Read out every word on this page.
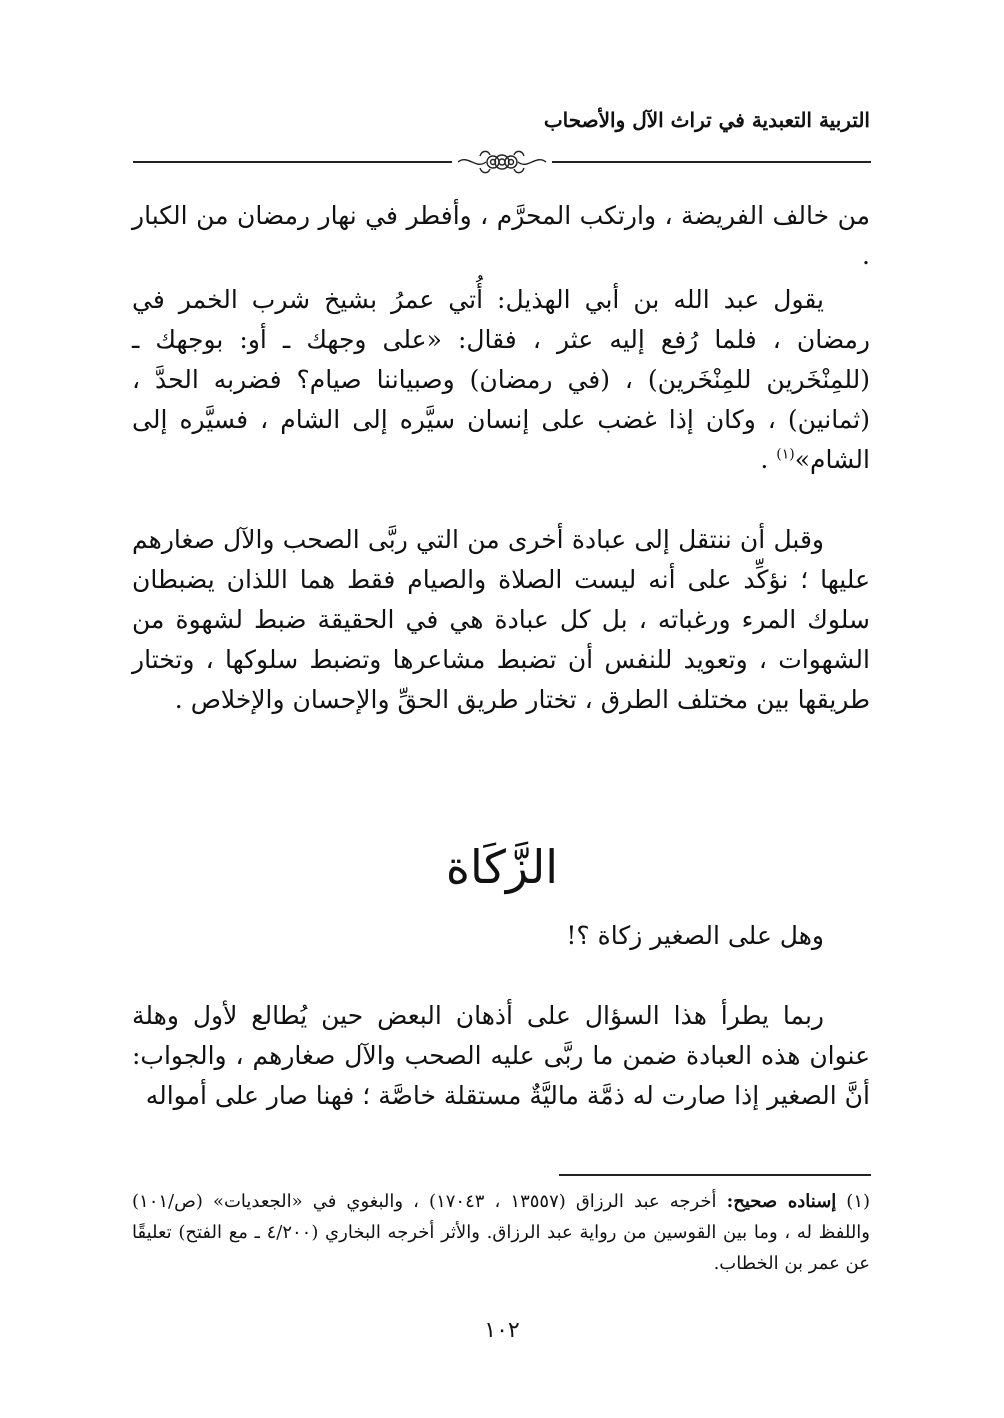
التربية التعبدية في تراث الآل والأصحاب
من خالف الفريضة ، وارتكب المحرَّم ، وأفطر في نهار رمضان من الكبار .
يقول عبد الله بن أبي الهذيل: أُتي عمرُ بشيخ شرب الخمر في رمضان ، فلما رُفع إليه عثر ، فقال: «على وجهك ـ أو: بوجهك ـ (للمِنْخَرين للمِنْخَرين) ، (في رمضان) وصبياننا صيام؟ فضربه الحدَّ ، (ثمانين) ، وكان إذا غضب على إنسان سيَّره إلى الشام ، فسيَّره إلى الشام»$^{(١)}$ .
وقبل أن ننتقل إلى عبادة أخرى من التي ربَّى الصحب والآل صغارهم عليها ؛ نؤكِّد على أنه ليست الصلاة والصيام فقط هما اللذان يضبطان سلوك المرء ورغباته ، بل كل عبادة هي في الحقيقة ضبط لشهوة من الشهوات ، وتعويد للنفس أن تضبط مشاعرها وتضبط سلوكها ، وتختار طريقها بين مختلف الطرق ، تختار طريق الحقِّ والإحسان والإخلاص .
الزَّكَاة
وهل على الصغير زكاة ؟!
ربما يطرأ هذا السؤال على أذهان البعض حين يُطالع لأول وهلة عنوان هذه العبادة ضمن ما ربَّى عليه الصحب والآل صغارهم ، والجواب: أنَّ الصغير إذا صارت له ذمَّة ماليَّةٌ مستقلة خاصَّة ؛ فهنا صار على أمواله
(١)إسناده صحيح: أخرجه عبد الرزاق (١٣٥٥٧ ، ١٧٠٤٣) ، والبغوي في «الجعديات» (ص/١٠١) واللفظ له ، وما بين القوسين من رواية عبد الرزاق. والأثر أخرجه البخاري (٤/٢٠٠ ـ مع الفتح) تعليقًا عن عمر بن الخطاب.
١٠٢
